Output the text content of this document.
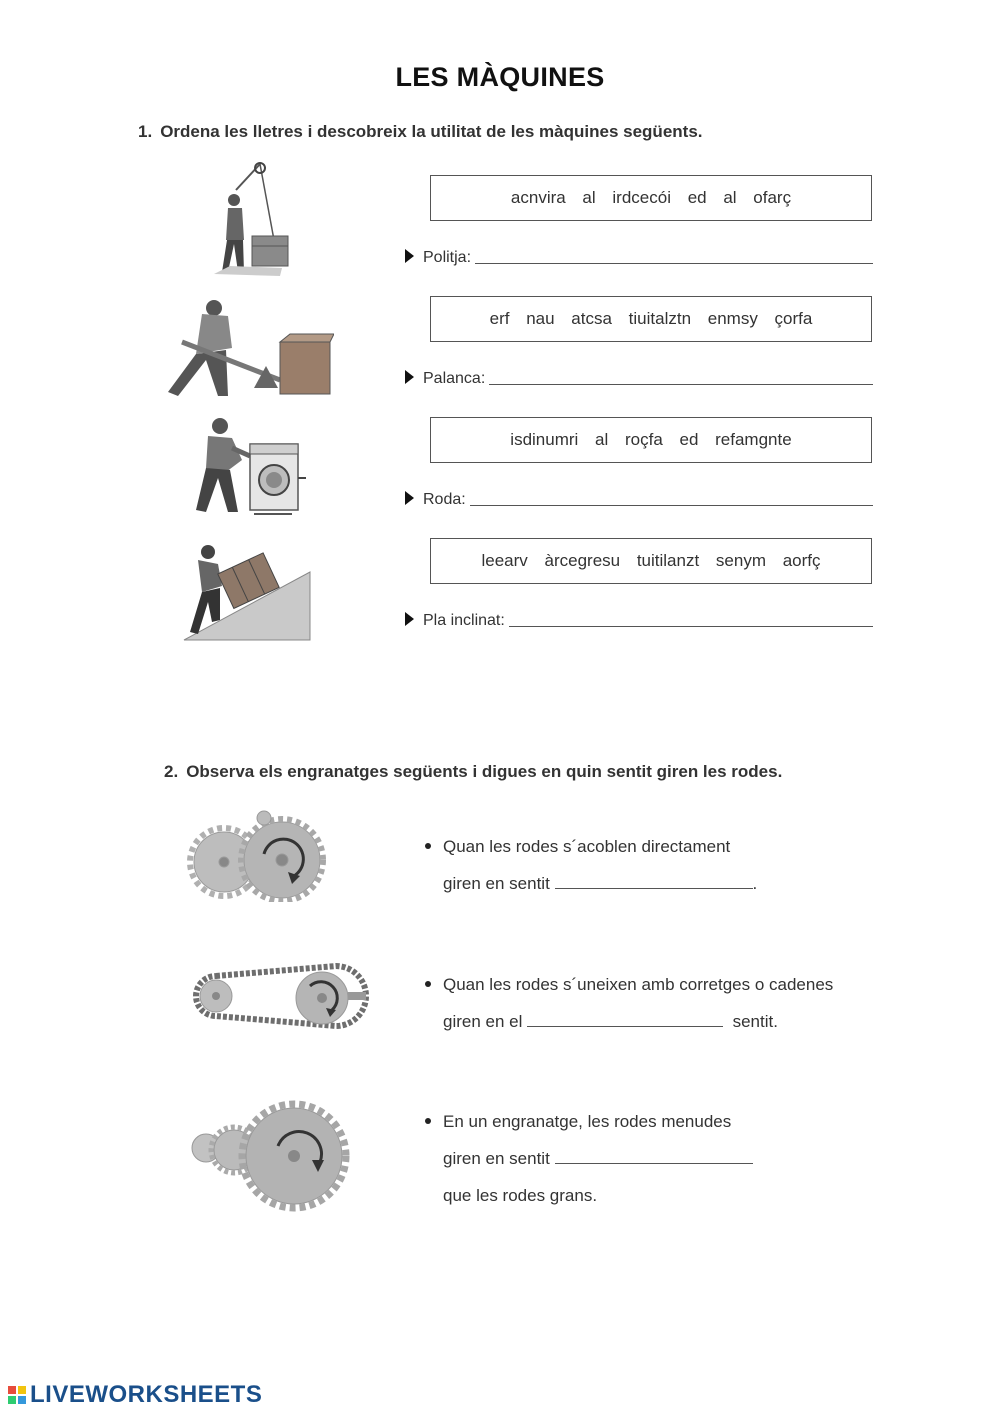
LES MÀQUINES
1. Ordena les lletres i descobreix la utilitat de les màquines següents.
acnvira al irdcecói ed al ofarç
Politja:
erf nau atcsa tiuitalztn enmsy çorfa
Palanca:
isdinumri al roçfa ed refamgnte
Roda:
leearv àrcegresu tuitilanzt senym aorfç
Pla inclinat:
2. Observa els engranatges següents i digues en quin sentit giren les rodes.
Quan les rodes s´acoblen directament
giren en sentit	.
Quan les rodes s´uneixen amb corretges o cadenes
giren en el	sentit.
En un engranatge, les rodes menudes
giren en sentit
que les rodes grans.
LIVEWORKSHEETS
